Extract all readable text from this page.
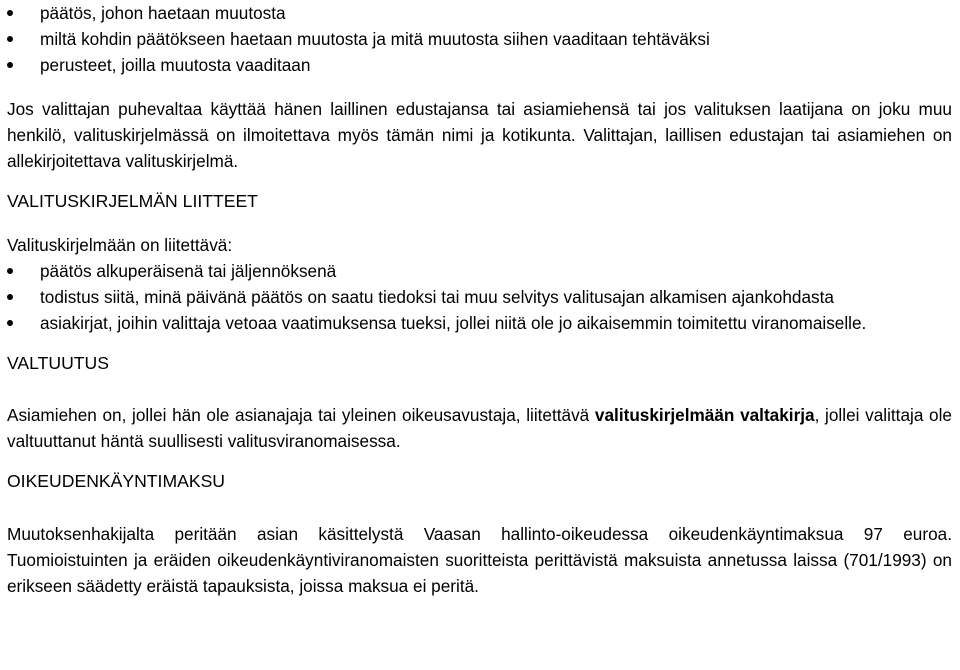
päätös, johon haetaan muutosta
miltä kohdin päätökseen haetaan muutosta ja mitä muutosta siihen vaaditaan tehtäväksi
perusteet, joilla muutosta vaaditaan

Jos valittajan puhevaltaa käyttää hänen laillinen edustajansa tai asiamiehensä tai jos valituksen laatijana on joku muu henkilö, valituskirjelmässä on ilmoitettava myös tämän nimi ja kotikunta. Valittajan, laillisen edustajan tai asiamiehen on allekirjoitettava valituskirjelmä.

VALITUSKIRJELMÄN LIITTEET

Valituskirjelmään on liitettävä:

päätös alkuperäisenä tai jäljennöksenä
todistus siitä, minä päivänä päätös on saatu tiedoksi tai muu selvitys valitusajan alkamisen ajankohdasta
asiakirjat, joihin valittaja vetoaa vaatimuksensa tueksi, jollei niitä ole jo aikaisemmin toimitettu viranomaiselle.
VALTUUTUS

Asiamiehen on, jollei hän ole asianajaja tai yleinen oikeusavustaja, liitettävä valituskirjelmään valtakirja, jollei valittaja ole valtuuttanut häntä suullisesti valitusviranomaisessa.

OIKEUDENKÄYNTIMAKSU

Muutoksenhakijalta peritään asian käsittelystä Vaasan hallinto-oikeudessa oikeudenkäyntimaksua 97 euroa. Tuomioistuinten ja eräiden oikeudenkäyntiviranomaisten suoritteista perittävistä maksuista annetussa laissa (701/1993) on erikseen säädetty eräistä tapauksista, joissa maksua ei peritä.
